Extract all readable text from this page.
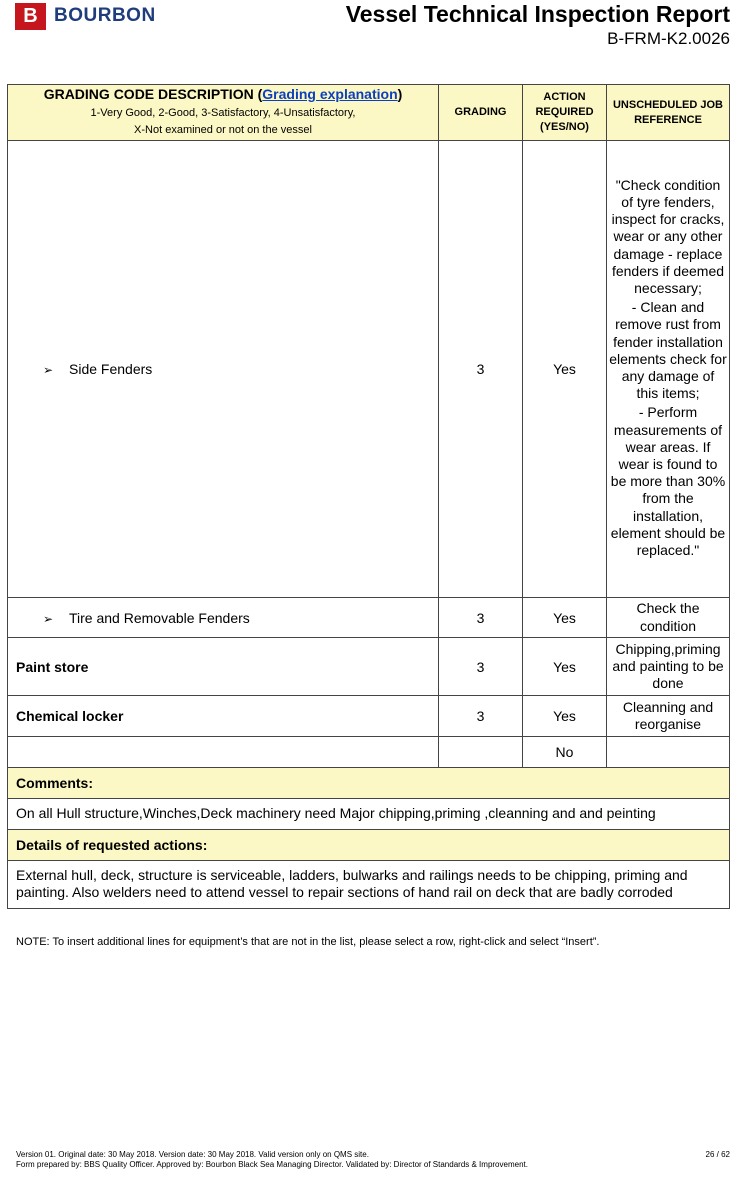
B BOURBON	Vessel Technical Inspection Report
B-FRM-K2.0026
GRADING CODE DESCRIPTION (Grading explanation)
1-Very Good, 2-Good, 3-Satisfactory, 4-Unsatisfactory,
X-Not examined or not on the vessel	GRADING	ACTION REQUIRED (YES/NO)	UNSCHEDULED JOB REFERENCE
➢ Side Fenders	3	Yes	"Check condition of tyre fenders, inspect for cracks, wear or any other damage - replace fenders if deemed necessary;

- Clean and remove rust from fender installation elements check for any damage of this items;

- Perform measurements of wear areas. If wear is found to be more than 30% from the installation, element should be replaced."

➢ Tire and Removable Fenders	3	Yes	Check the condition
Paint store	3	Yes	Chipping,priming and painting to be done
Chemical locker	3	Yes	Cleanning and reorganise
		No	
Comments:			
On all Hull structure,Winches,Deck machinery need Major chipping,priming ,cleanning and and peinting			
Details of requested actions:			
External hull, deck, structure is serviceable, ladders, bulwarks and railings needs to be chipping, priming and painting. Also welders need to attend vessel to repair sections of hand rail on deck that are badly corroded			
NOTE: To insert additional lines for equipment’s that are not in the list, please select a row, right-click and select “Insert”.
Version 01. Original date: 30 May 2018. Version date: 30 May 2018. Valid version only on QMS site.
Form prepared by: BBS Quality Officer. Approved by: Bourbon Black Sea Managing Director. Validated by: Director of Standards & Improvement.
26 / 62
